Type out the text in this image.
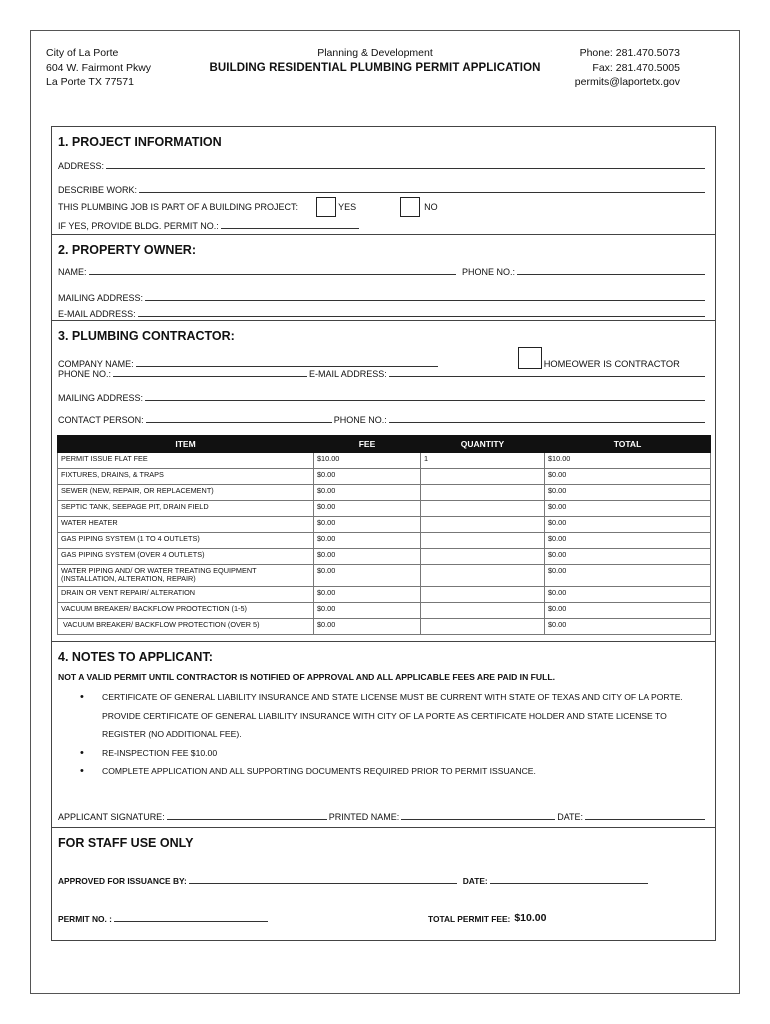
City of La Porte
604 W. Fairmont Pkwy
La Porte TX 77571
Planning & Development
BUILDING RESIDENTIAL PLUMBING PERMIT APPLICATION
Phone: 281.470.5073
Fax: 281.470.5005
permits@laportetx.gov
1. PROJECT INFORMATION
ADDRESS:
DESCRIBE WORK:
THIS PLUMBING JOB IS PART OF A BUILDING PROJECT:	YES	NO
IF YES, PROVIDE BLDG. PERMIT NO.:
2. PROPERTY OWNER:
NAME:	PHONE NO.:
MAILING ADDRESS:
E-MAIL ADDRESS:
3. PLUMBING CONTRACTOR:
COMPANY NAME:	HOMEOWER IS CONTRACTOR
PHONE NO.:	E-MAIL ADDRESS:
MAILING ADDRESS:
CONTACT PERSON:	PHONE NO.:
ITEM	FEE	QUANTITY	TOTAL
PERMIT ISSUE FLAT FEE	$10.00	1	$10.00
FIXTURES, DRAINS, & TRAPS	$0.00		$0.00
SEWER (NEW, REPAIR, OR REPLACEMENT)	$0.00		$0.00
SEPTIC TANK, SEEPAGE PIT, DRAIN FIELD	$0.00		$0.00
WATER HEATER	$0.00		$0.00
GAS PIPING SYSTEM (1 TO 4 OUTLETS)	$0.00		$0.00
GAS PIPING SYSTEM (OVER 4 OUTLETS)	$0.00		$0.00
WATER PIPING AND/ OR WATER TREATING EQUIPMENT (INSTALLATION, ALTERATION, REPAIR)	$0.00		$0.00
DRAIN OR VENT REPAIR/ ALTERATION	$0.00		$0.00
VACUUM BREAKER/ BACKFLOW PROOTECTION (1-5)	$0.00		$0.00
VACUUM BREAKER/ BACKFLOW PROTECTION (OVER 5)	$0.00		$0.00
4. NOTES TO APPLICANT:
NOT A VALID PERMIT UNTIL CONTRACTOR IS NOTIFIED OF APPROVAL AND ALL APPLICABLE FEES ARE PAID IN FULL.
• CERTIFICATE OF GENERAL LIABILITY INSURANCE AND STATE LICENSE MUST BE CURRENT WITH STATE OF TEXAS AND CITY OF LA PORTE. PROVIDE CERTIFICATE OF GENERAL LIABILITY INSURANCE WITH CITY OF LA PORTE AS CERTIFICATE HOLDER AND STATE LICENSE TO REGISTER (NO ADDITIONAL FEE).
• RE-INSPECTION FEE $10.00
• COMPLETE APPLICATION AND ALL SUPPORTING DOCUMENTS REQUIRED PRIOR TO PERMIT ISSUANCE.
APPLICANT SIGNATURE:	PRINTED NAME:	DATE:
FOR STAFF USE ONLY
APPROVED FOR ISSUANCE BY:	DATE:
PERMIT NO. :	TOTAL PERMIT FEE: $10.00
